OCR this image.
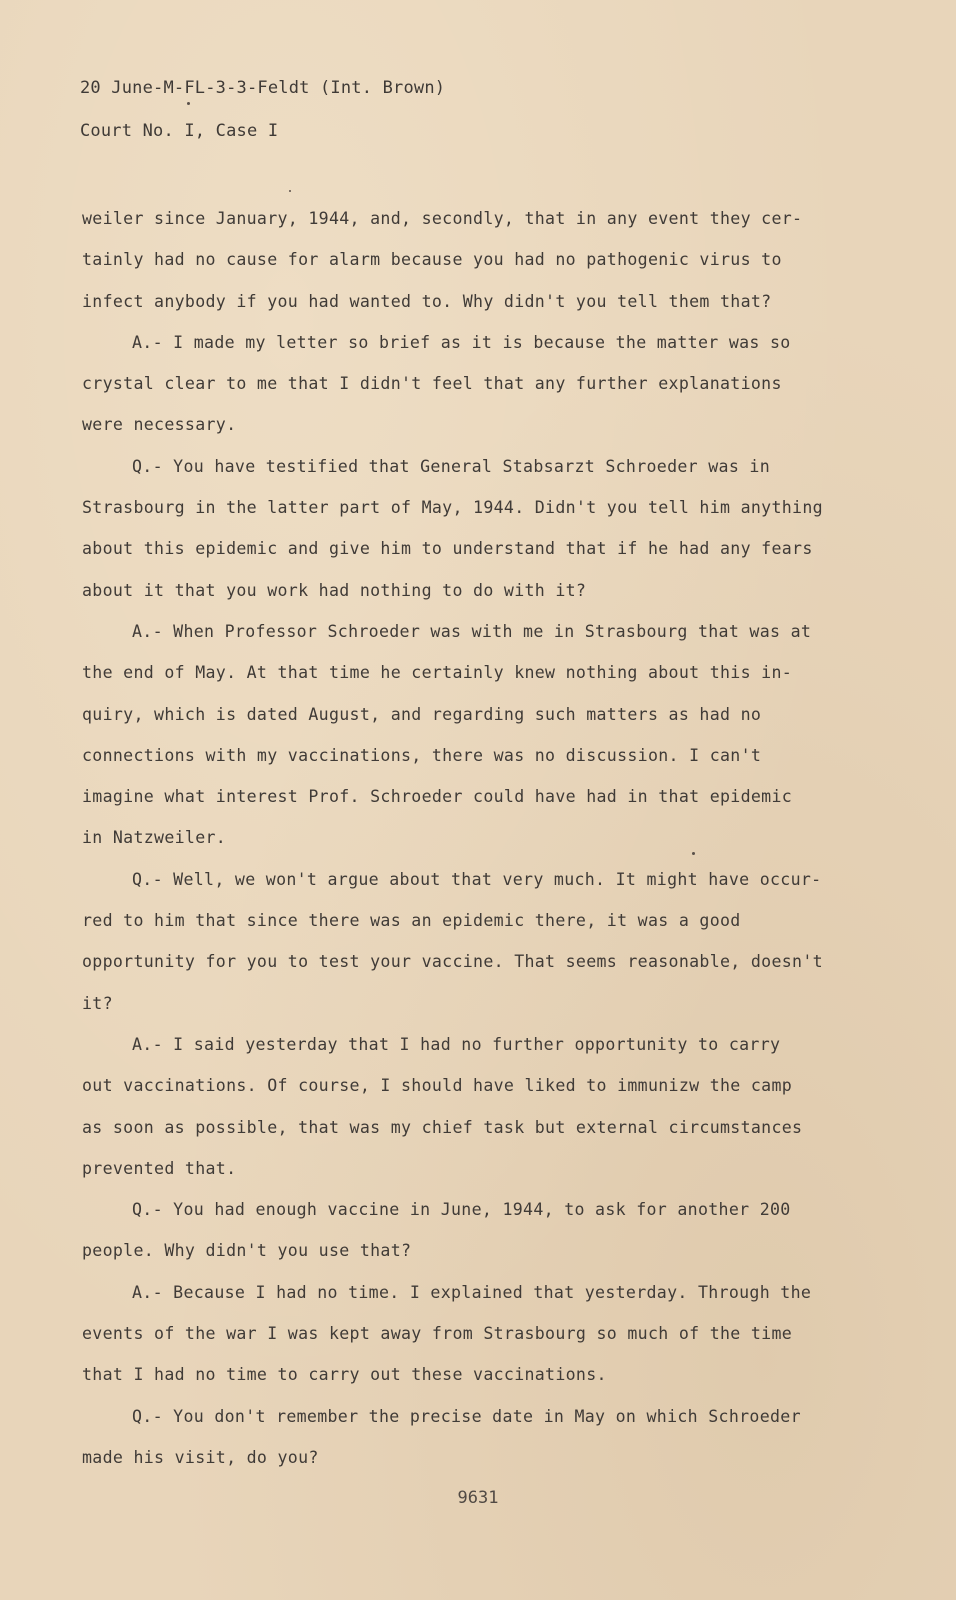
20 June-M-FL-3-3-Feldt (Int. Brown)

Court No. I, Case I

weiler since January, 1944, and, secondly, that in any event they cer-
tainly had no cause for alarm because you had no pathogenic virus to
infect anybody if you had wanted to. Why didn't you tell them that?
A.- I made my letter so brief as it is because the matter was so
crystal clear to me that I didn't feel that any further explanations
were necessary.
Q.- You have testified that General Stabsarzt Schroeder was in
Strasbourg in the latter part of May, 1944. Didn't you tell him anything
about this epidemic and give him to understand that if he had any fears
about it that you work had nothing to do with it?
A.- When Professor Schroeder was with me in Strasbourg that was at
the end of May. At that time he certainly knew nothing about this in-
quiry, which is dated August, and regarding such matters as had no
connections with my vaccinations, there was no discussion. I can't
imagine what interest Prof. Schroeder could have had in that epidemic
in Natzweiler.
Q.- Well, we won't argue about that very much. It might have occur-
red to him that since there was an epidemic there, it was a good
opportunity for you to test your vaccine. That seems reasonable, doesn't
it?
A.- I said yesterday that I had no further opportunity to carry
out vaccinations. Of course, I should have liked to immunizw the camp
as soon as possible, that was my chief task but external circumstances
prevented that.
Q.- You had enough vaccine in June, 1944, to ask for another 200
people. Why didn't you use that?
A.- Because I had no time. I explained that yesterday. Through the
events of the war I was kept away from Strasbourg so much of the time
that I had no time to carry out these vaccinations.
Q.- You don't remember the precise date in May on which Schroeder
made his visit, do you?
9631
